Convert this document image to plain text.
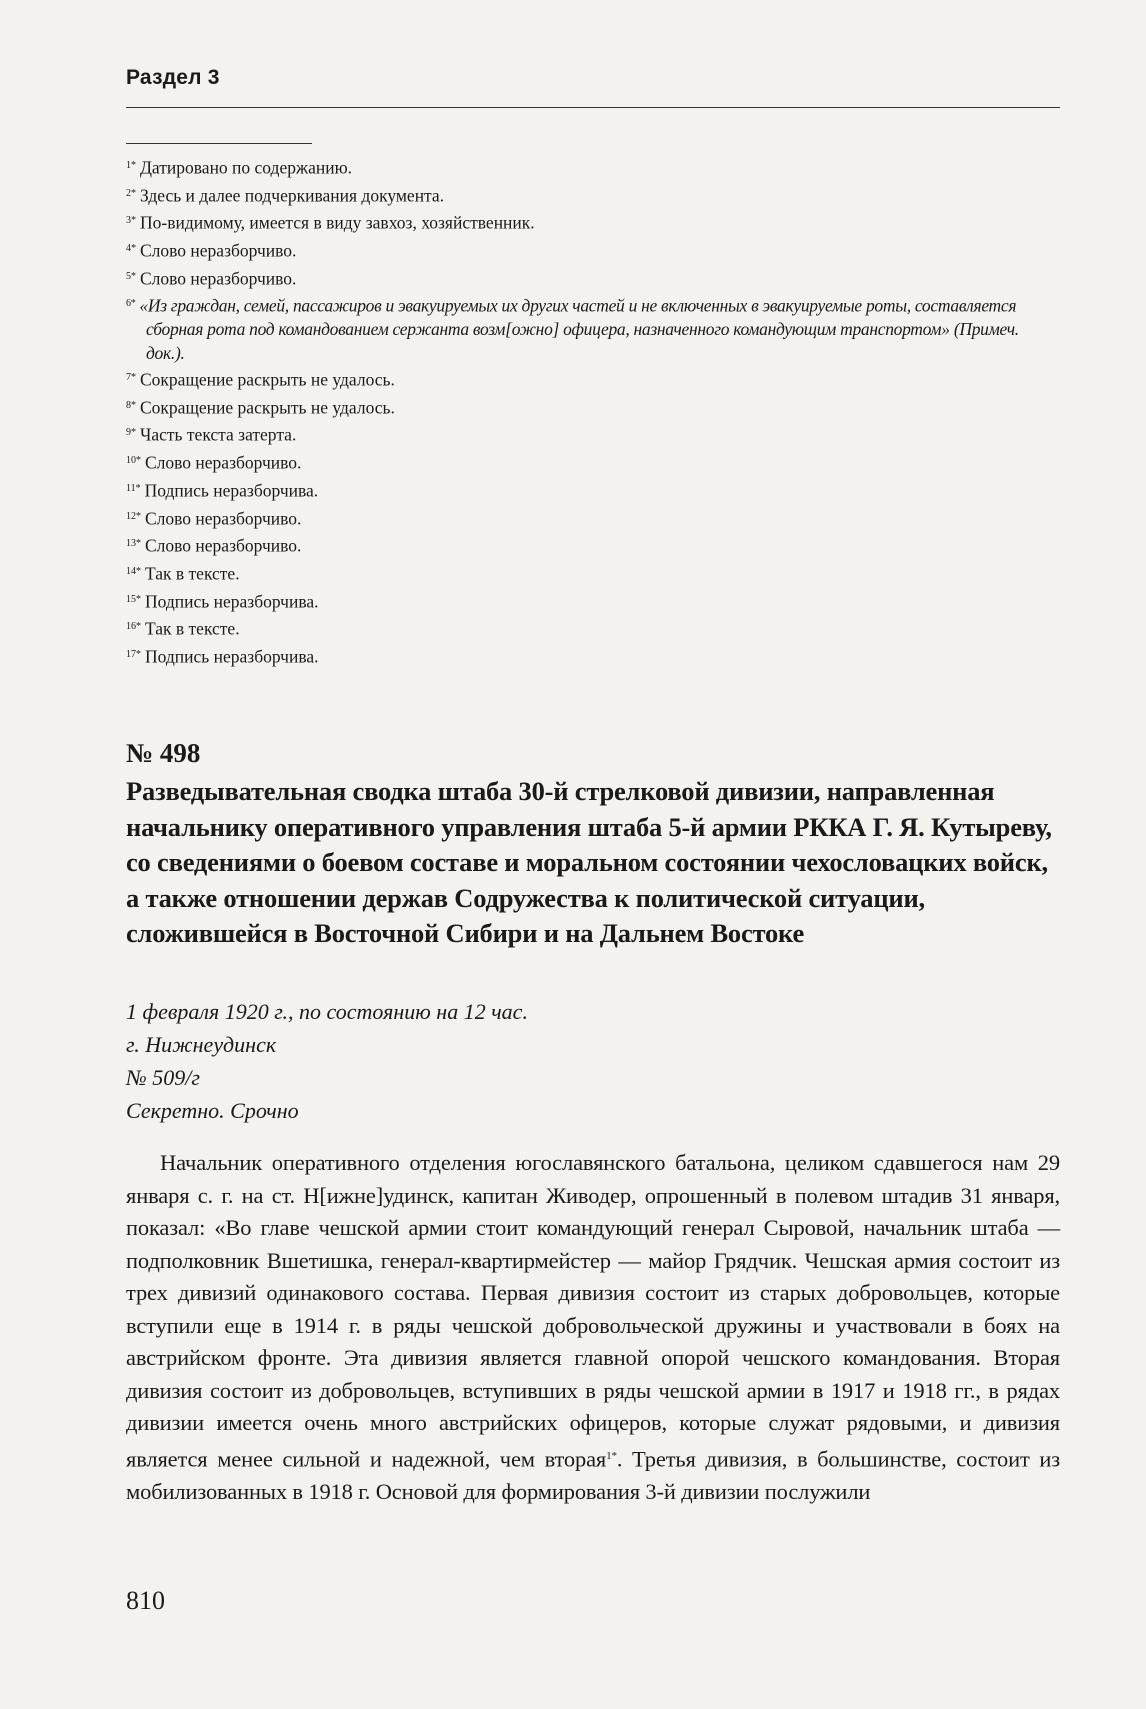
Раздел 3
$^{1*}$ Датировано по содержанию.
$^{2*}$ Здесь и далее подчеркивания документа.
$^{3*}$ По-видимому, имеется в виду завхоз, хозяйственник.
$^{4*}$ Слово неразборчиво.
$^{5*}$ Слово неразборчиво.
$^{6*}$ «Из граждан, семей, пассажиров и эвакуируемых их других частей и не включенных в эвакуируемые роты, составляется сборная рота под командованием сержанта возм[ожно] офицера, назначенного командующим транспортом» (Примеч. док.).
$^{7*}$ Сокращение раскрыть не удалось.
$^{8*}$ Сокращение раскрыть не удалось.
$^{9*}$ Часть текста затерта.
$^{10*}$ Слово неразборчиво.
$^{11*}$ Подпись неразборчива.
$^{12*}$ Слово неразборчиво.
$^{13*}$ Слово неразборчиво.
$^{14*}$ Так в тексте.
$^{15*}$ Подпись неразборчива.
$^{16*}$ Так в тексте.
$^{17*}$ Подпись неразборчива.
№ 498
Разведывательная сводка штаба 30-й стрелковой дивизии, направленная начальнику оперативного управления штаба 5-й армии РККА Г. Я. Кутыреву, со сведениями о боевом составе и моральном состоянии чехословацких войск, а также отношении держав Содружества к политической ситуации, сложившейся в Восточной Сибири и на Дальнем Востоке
1 февраля 1920 г., по состоянию на 12 час.
г. Нижнеудинск
№ 509/г
Секретно. Срочно
Начальник оперативного отделения югославянского батальона, целиком сдавшегося нам 29 января с. г. на ст. Н[ижне]удинск, капитан Живодер, опрошенный в полевом штадив 31 января, показал: «Во главе чешской армии стоит командующий генерал Сыровой, начальник штаба — подполковник Вшетишка, генерал-квартирмейстер — майор Грядчик. Чешская армия состоит из трех дивизий одинакового состава. Первая дивизия состоит из старых добровольцев, которые вступили еще в 1914 г. в ряды чешской добровольческой дружины и участвовали в боях на австрийском фронте. Эта дивизия является главной опорой чешского командования. Вторая дивизия состоит из добровольцев, вступивших в ряды чешской армии в 1917 и 1918 гг., в рядах дивизии имеется очень много австрийских офицеров, которые служат рядовыми, и дивизия является менее сильной и надежной, чем вторая$^{1*}$. Третья дивизия, в большинстве, состоит из мобилизованных в 1918 г. Основой для формирования 3-й дивизии послужили
810
